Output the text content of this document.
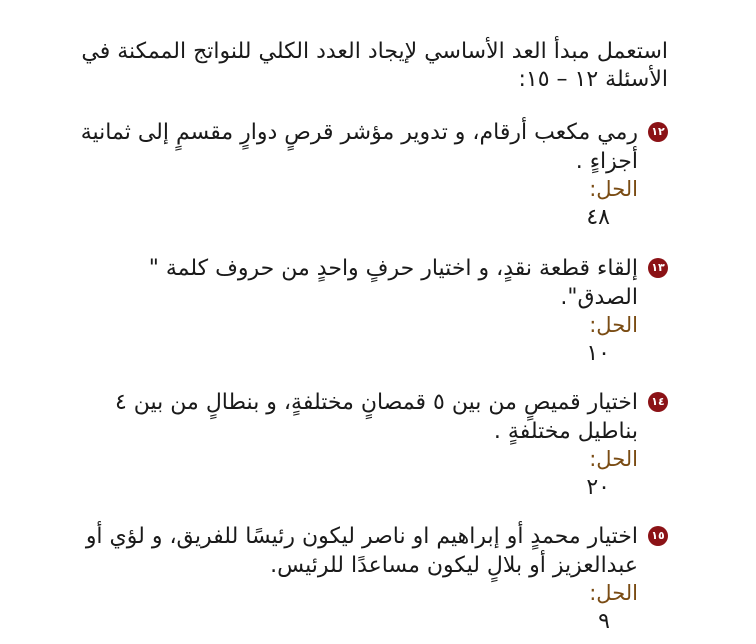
استعمل مبدأ العد الأساسي لإيجاد العدد الكلي للنواتج الممكنة في الأسئلة ١٢ – ١٥:
١٢
رمي مكعب أرقام، و تدوير مؤشر قرصٍ دوارٍ مقسمٍ إلى ثمانية أجزاءٍ .
الحل:
٤٨
١٣
إلقاء قطعة نقدٍ، و اختيار حرفٍ واحدٍ من حروف كلمة " الصدق".
الحل:
١٠
١٤
اختيار قميصٍ من بين ٥ قمصانٍ مختلفةٍ، و بنطالٍ من بين ٤ بناطيل مختلفةٍ .
الحل:
٢٠
١٥
اختيار محمدٍ أو إبراهيم او ناصر ليكون رئيسًا للفريق، و لؤي أو عبدالعزيز أو بلالٍ ليكون مساعدًا للرئيس.
الحل:
٩
